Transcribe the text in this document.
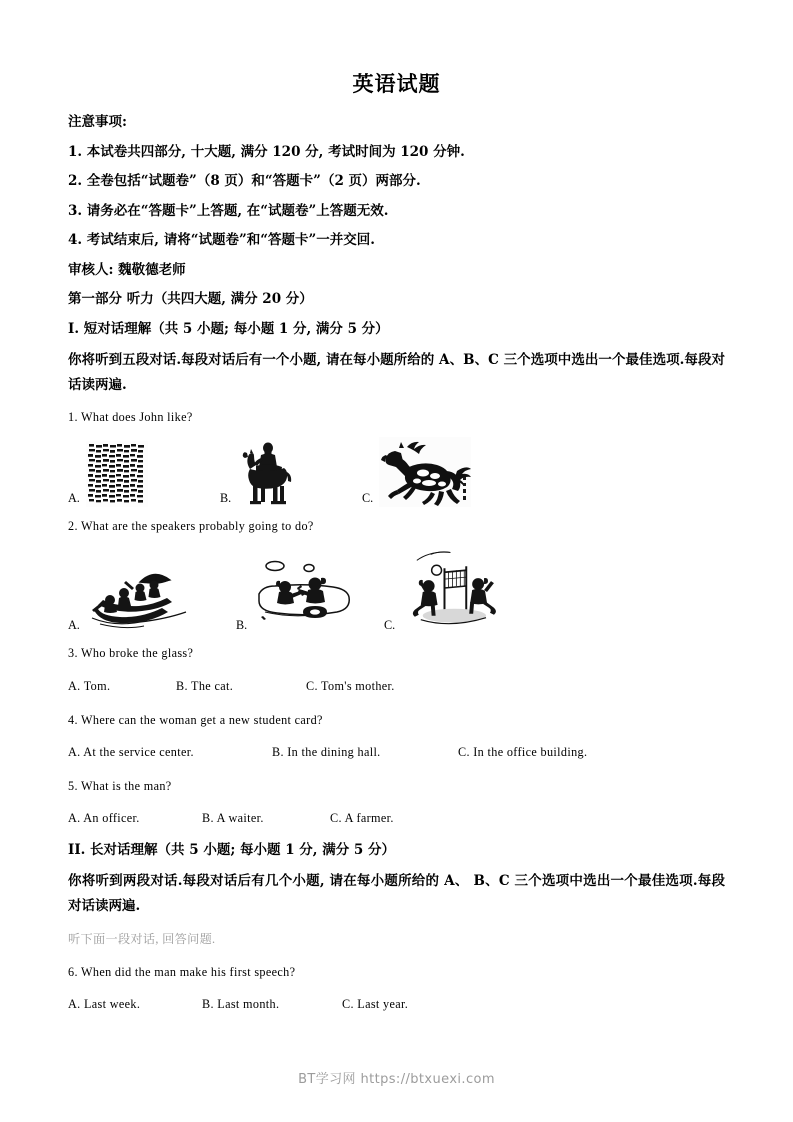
英语试题
注意事项:
1. 本试卷共四部分, 十大题, 满分 120 分, 考试时间为 120 分钟.
2. 全卷包括“试题卷”（8 页）和“答题卡”（2 页）两部分.
3. 请务必在“答题卡”上答题, 在“试题卷”上答题无效.
4. 考试结束后, 请将“试题卷”和“答题卡”一并交回.
审核人: 魏敬德老师
第一部分 听力（共四大题, 满分 20 分）
I. 短对话理解（共 5 小题; 每小题 1 分, 满分 5 分）
你将听到五段对话.每段对话后有一个小题, 请在每小题所给的 A、B、C 三个选项中选出一个最佳选项.每段对话读两遍.
1. What does John like?
A.	B.	C.
2. What are the speakers probably going to do?
A.	B.	C.
3. Who broke the glass?
A. Tom.	B. The cat.	C. Tom's mother.
4. Where can the woman get a new student card?
A. At the service center.	B. In the dining hall.	C. In the office building.
5. What is the man?
A. An officer.	B. A waiter.	C. A farmer.
II. 长对话理解（共 5 小题; 每小题 1 分, 满分 5 分）
你将听到两段对话.每段对话后有几个小题, 请在每小题所给的 A、 B、C 三个选项中选出一个最佳选项.每段对话读两遍.
听下面一段对话, 回答问题.
6. When did the man make his first speech?
A. Last week.	B. Last month.	C. Last year.
BT学习网 https://btxuexi.com
